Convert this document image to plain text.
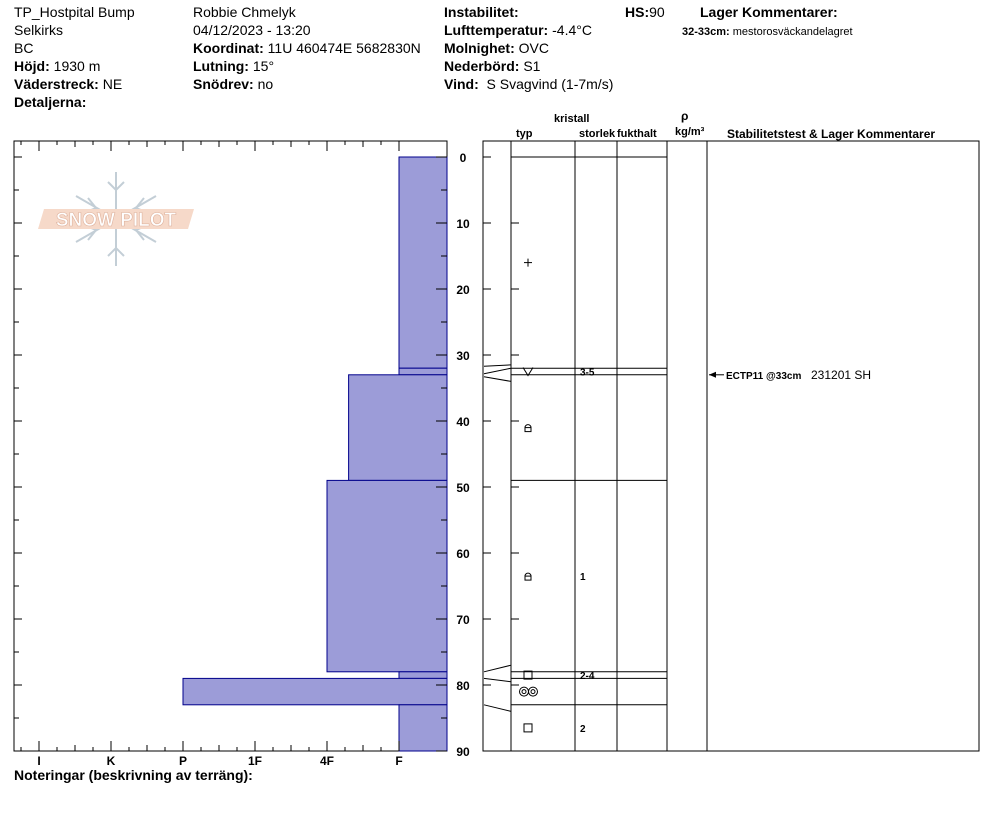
TP_Hostpital Bump
Selkirks
BC
Höjd: 1930 m
Väderstreck: NE
Detaljerna:
Robbie Chmelyk
04/12/2023 - 13:20
Koordinat: 11U 460474E 5682830N
Lutning: 15°
Snödrev: no
Instabilitet:
Lufttemperatur: -4.4°C
Molnighet: OVC
Nederbörd: S1
Vind: S Svagvind (1-7m/s)
HS:90	Lager Kommentarer:
32-33cm: mestorosväckandelagret
typ
kristall
storlek fukthalt
ρ
kg/m³ Stabilitetstest & Lager Kommentarer
Noteringar (beskrivning av terräng):
SNOW PILOT
I	K	P	1F	4F	F
0
10
20
30
40
50
60
70
80
90
3-5
1
2-4
2
ECTP11 @33cm 231201 SH
